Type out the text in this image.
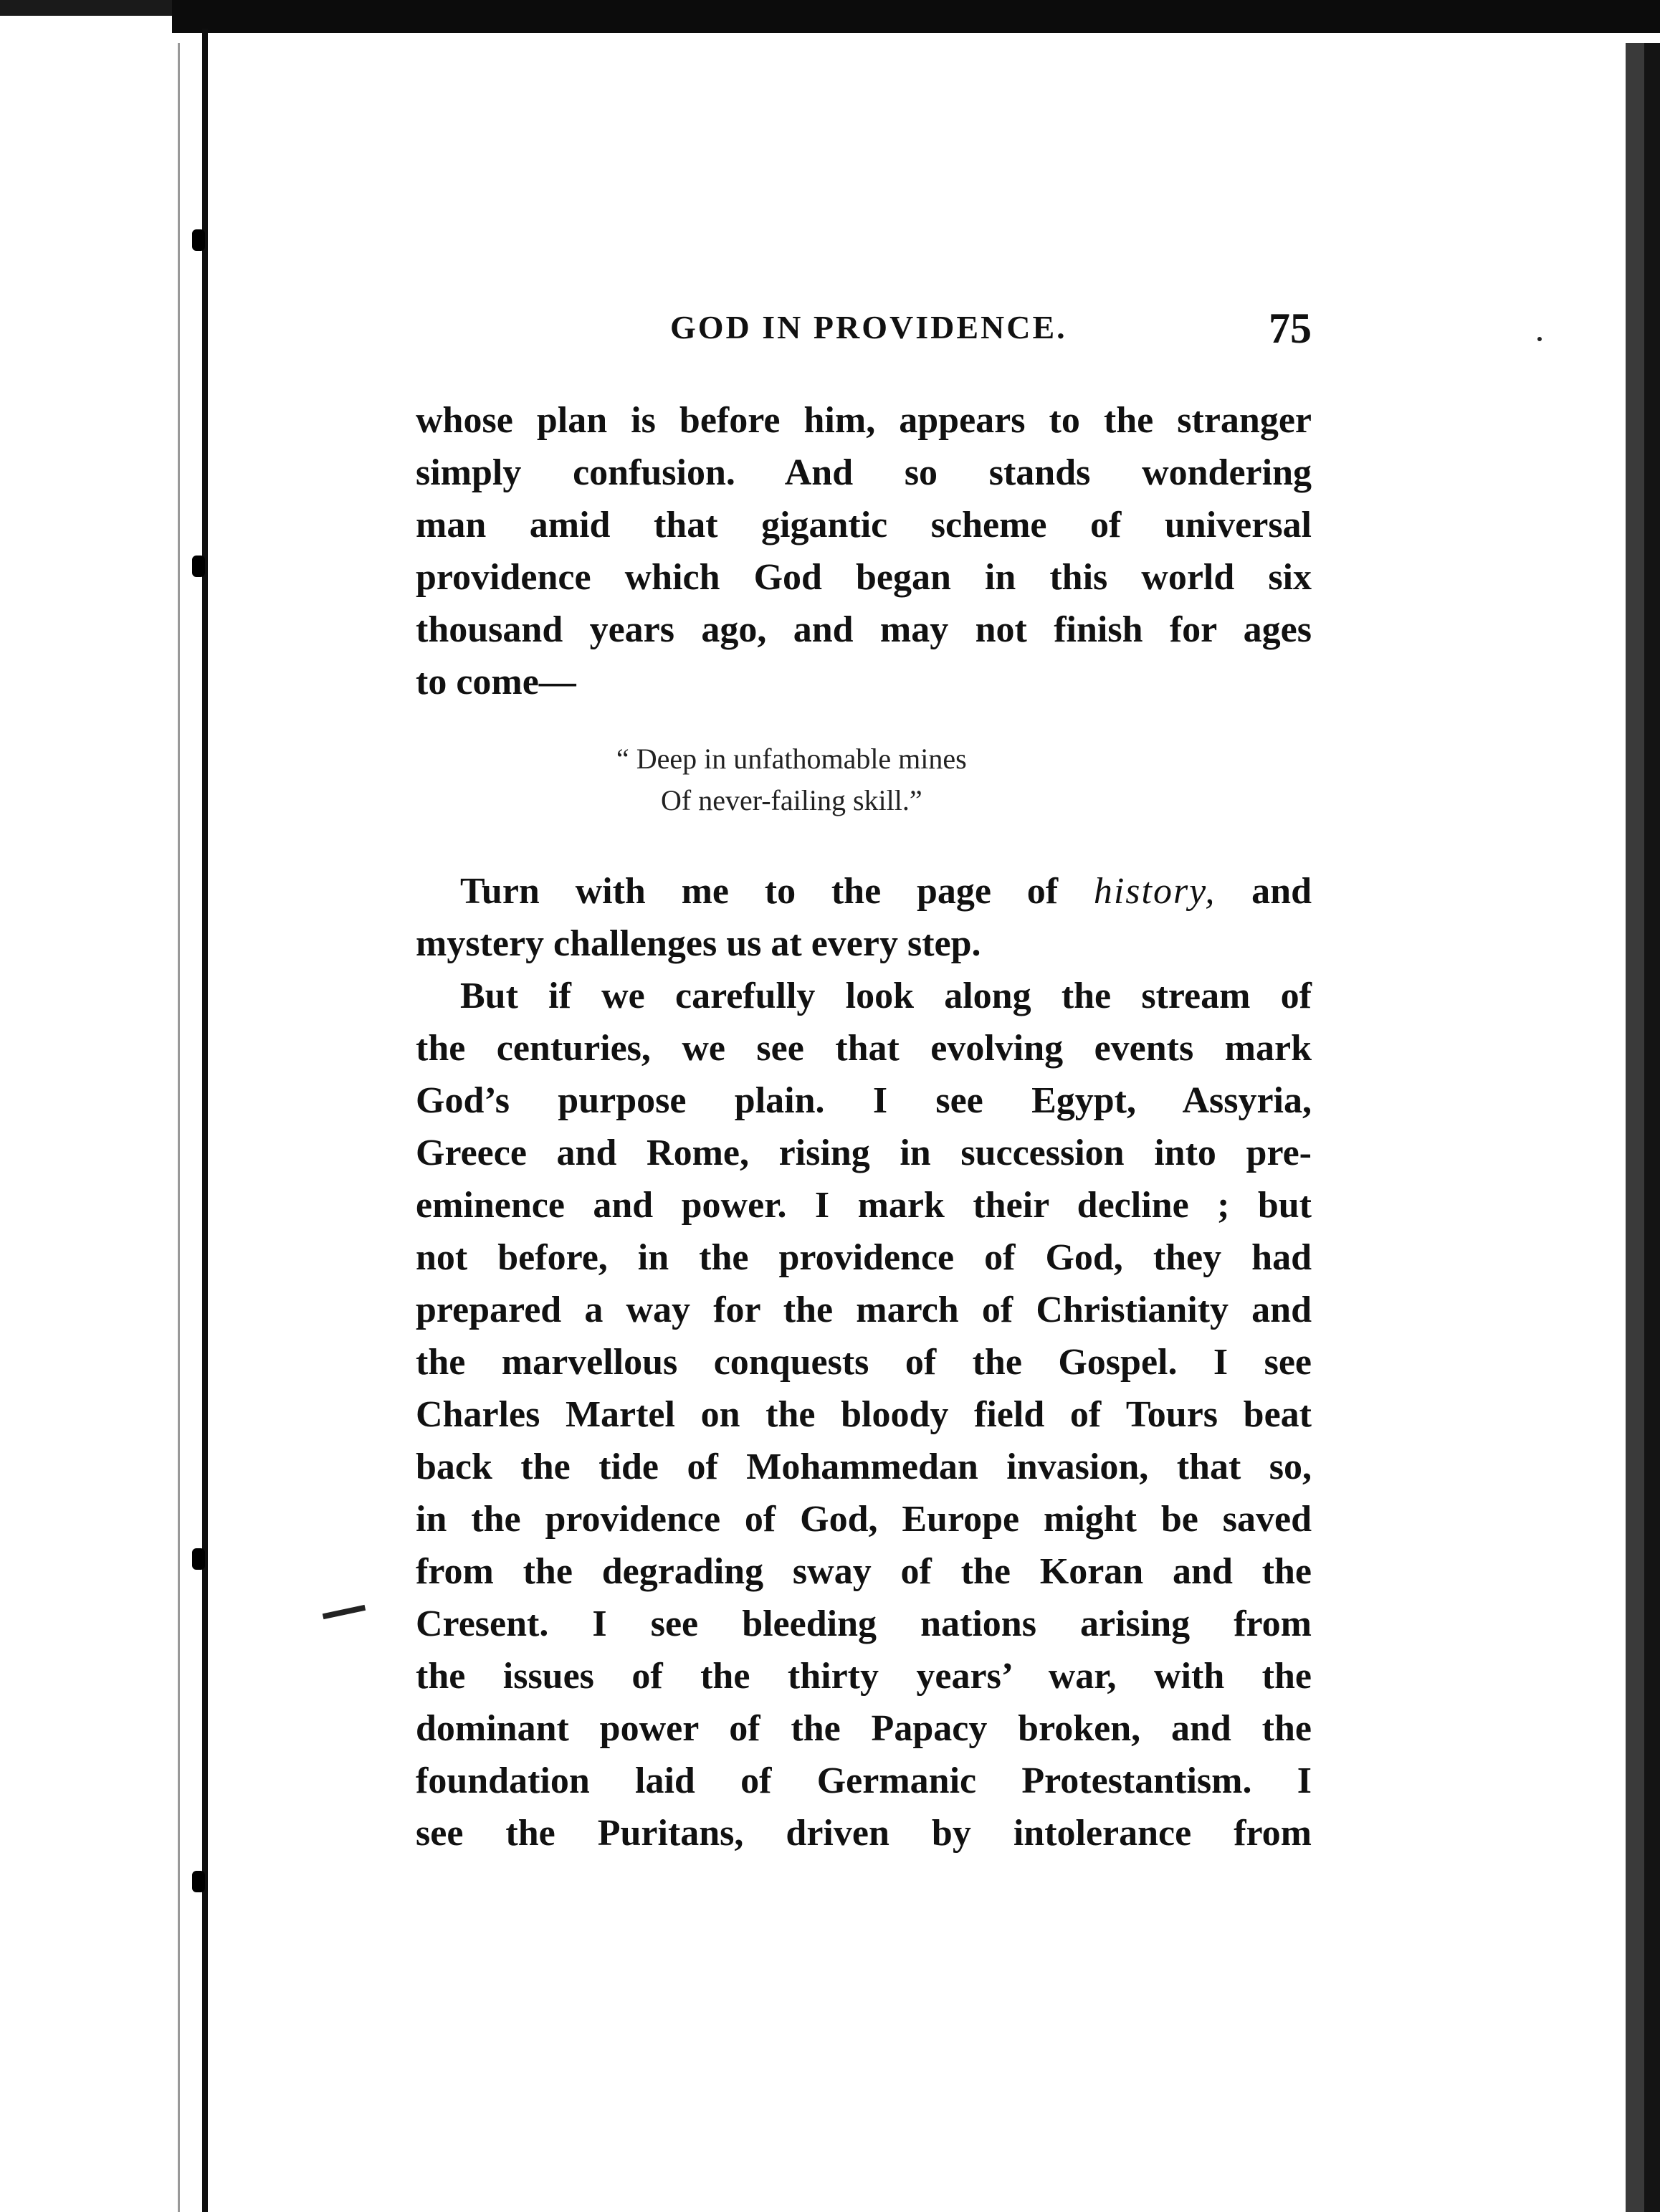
GOD IN PROVIDENCE.	75
whose plan is before him, appears to the stranger
simply confusion. And so stands wondering
man amid that gigantic scheme of universal
providence which God began in this world six
thousand years ago, and may not finish for ages
to come—
“ Deep in unfathomable mines
Of never-failing skill.”
Turn with me to the page of history, and
mystery challenges us at every step.
But if we carefully look along the stream of
the centuries, we see that evolving events mark
God’s purpose plain. I see Egypt, Assyria,
Greece and Rome, rising in succession into pre-
eminence and power. I mark their decline ; but
not before, in the providence of God, they had
prepared a way for the march of Christianity and
the marvellous conquests of the Gospel. I see
Charles Martel on the bloody field of Tours beat
back the tide of Mohammedan invasion, that so,
in the providence of God, Europe might be saved
from the degrading sway of the Koran and the
Cresent. I see bleeding nations arising from
the issues of the thirty years’ war, with the
dominant power of the Papacy broken, and the
foundation laid of Germanic Protestantism. I
see the Puritans, driven by intolerance from
